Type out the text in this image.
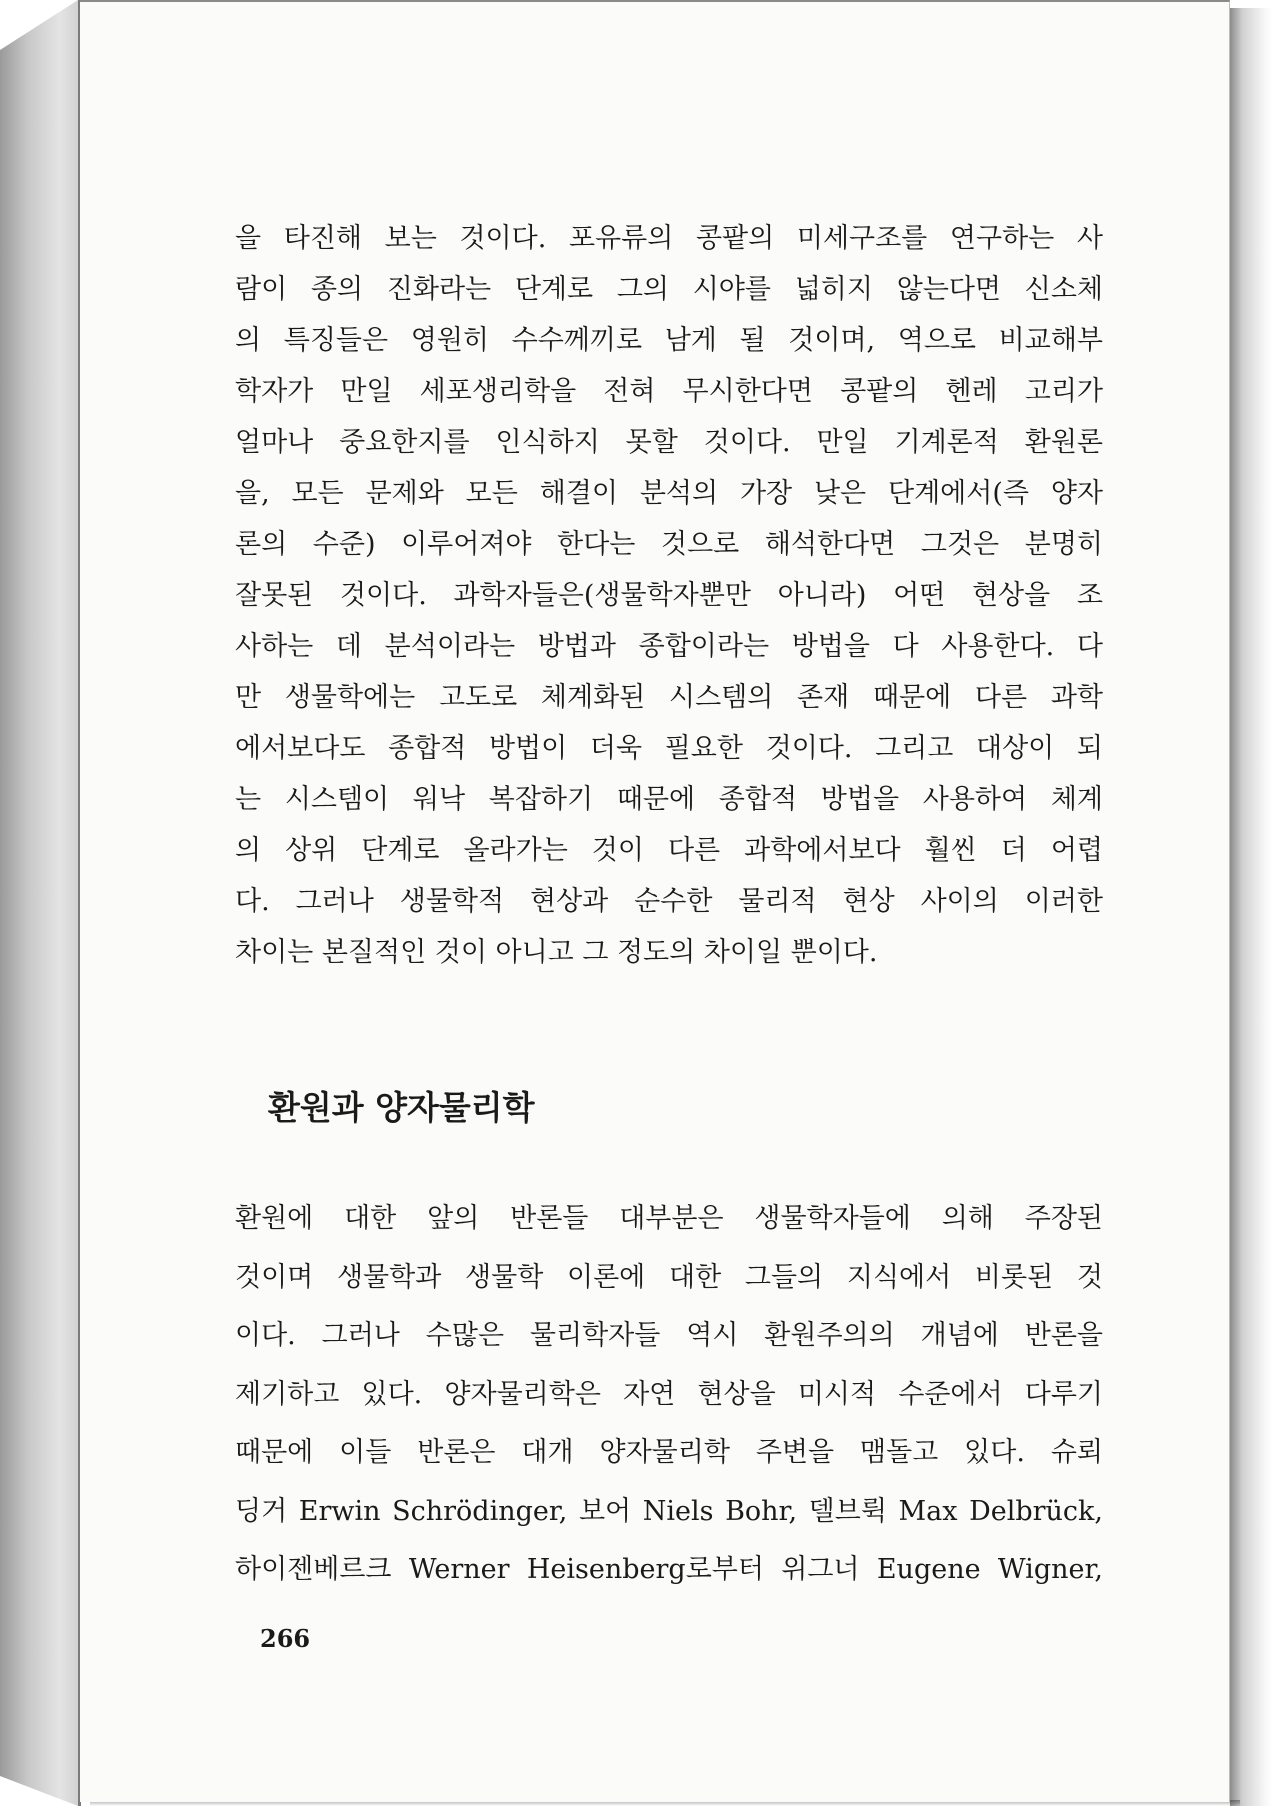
을 타진해 보는 것이다. 포유류의 콩팥의 미세구조를 연구하는 사
람이 종의 진화라는 단계로 그의 시야를 넓히지 않는다면 신소체
의 특징들은 영원히 수수께끼로 남게 될 것이며, 역으로 비교해부
학자가 만일 세포생리학을 전혀 무시한다면 콩팥의 헨레 고리가
얼마나 중요한지를 인식하지 못할 것이다. 만일 기계론적 환원론
을, 모든 문제와 모든 해결이 분석의 가장 낮은 단계에서(즉 양자
론의 수준) 이루어져야 한다는 것으로 해석한다면 그것은 분명히
잘못된 것이다. 과학자들은(생물학자뿐만 아니라) 어떤 현상을 조
사하는 데 분석이라는 방법과 종합이라는 방법을 다 사용한다. 다
만 생물학에는 고도로 체계화된 시스템의 존재 때문에 다른 과학
에서보다도 종합적 방법이 더욱 필요한 것이다. 그리고 대상이 되
는 시스템이 워낙 복잡하기 때문에 종합적 방법을 사용하여 체계
의 상위 단계로 올라가는 것이 다른 과학에서보다 훨씬 더 어렵
다. 그러나 생물학적 현상과 순수한 물리적 현상 사이의 이러한
차이는 본질적인 것이 아니고 그 정도의 차이일 뿐이다.
환원과 양자물리학
환원에 대한 앞의 반론들 대부분은 생물학자들에 의해 주장된
것이며 생물학과 생물학 이론에 대한 그들의 지식에서 비롯된 것
이다. 그러나 수많은 물리학자들 역시 환원주의의 개념에 반론을
제기하고 있다. 양자물리학은 자연 현상을 미시적 수준에서 다루기
때문에 이들 반론은 대개 양자물리학 주변을 맴돌고 있다. 슈뢰
딩거 Erwin Schrödinger, 보어 Niels Bohr, 델브뤽 Max Delbrück,
하이젠베르크 Werner Heisenberg로부터 위그너 Eugene Wigner,

266
